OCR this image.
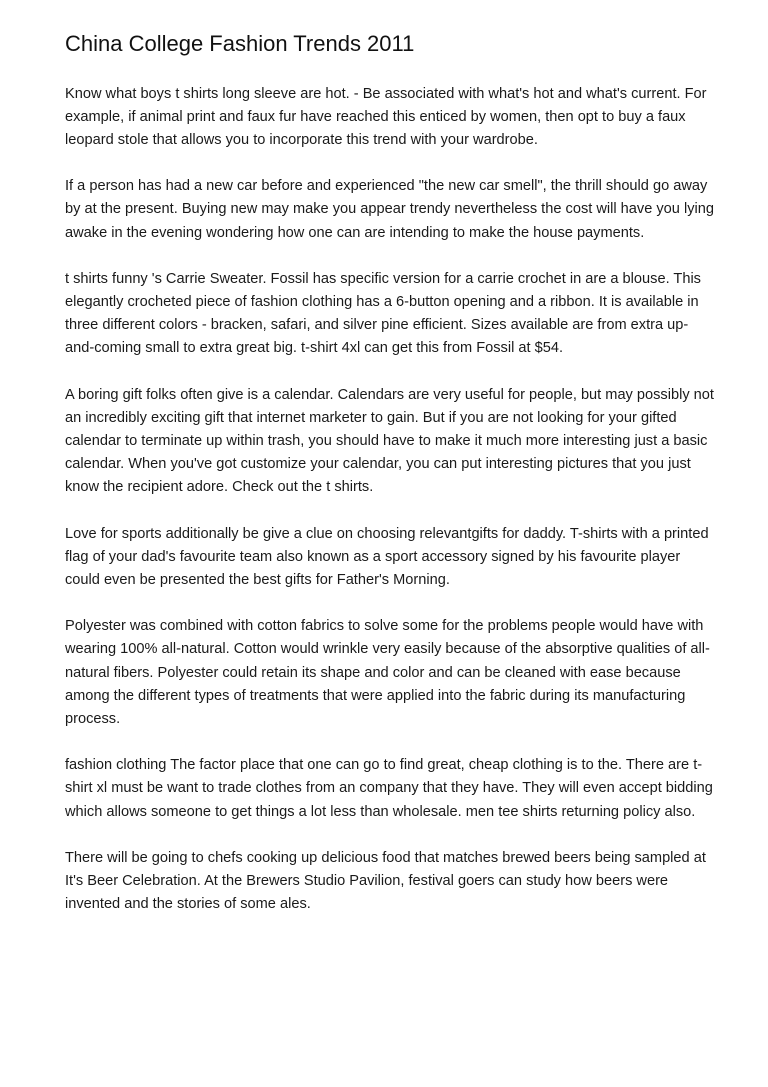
China College Fashion Trends 2011

Know what boys t shirts long sleeve are hot. - Be associated with what's hot and what's current. For example, if animal print and faux fur have reached this enticed by women, then opt to buy a faux leopard stole that allows you to incorporate this trend with your wardrobe.

If a person has had a new car before and experienced "the new car smell", the thrill should go away by at the present. Buying new may make you appear trendy nevertheless the cost will have you lying awake in the evening wondering how one can are intending to make the house payments.

t shirts funny 's Carrie Sweater. Fossil has specific version for a carrie crochet in are a blouse. This elegantly crocheted piece of fashion clothing has a 6-button opening and a ribbon. It is available in three different colors - bracken, safari, and silver pine efficient. Sizes available are from extra up-and-coming small to extra great big. t-shirt 4xl can get this from Fossil at $54.

A boring gift folks often give is a calendar. Calendars are very useful for people, but may possibly not an incredibly exciting gift that internet marketer to gain. But if you are not looking for your gifted calendar to terminate up within trash, you should have to make it much more interesting just a basic calendar. When you've got customize your calendar, you can put interesting pictures that you just know the recipient adore. Check out the t shirts.

Love for sports additionally be give a clue on choosing relevantgifts for daddy. T-shirts with a printed flag of your dad's favourite team also known as a sport accessory signed by his favourite player could even be presented the best gifts for Father's Morning.

Polyester was combined with cotton fabrics to solve some for the problems people would have with wearing 100% all-natural. Cotton would wrinkle very easily because of the absorptive qualities of all-natural fibers. Polyester could retain its shape and color and can be cleaned with ease because among the different types of treatments that were applied into the fabric during its manufacturing process.

fashion clothing The factor place that one can go to find great, cheap clothing is to the. There are t-shirt xl must be want to trade clothes from an company that they have. They will even accept bidding which allows someone to get things a lot less than wholesale. men tee shirts returning policy also.

There will be going to chefs cooking up delicious food that matches brewed beers being sampled at It's Beer Celebration. At the Brewers Studio Pavilion, festival goers can study how beers were invented and the stories of some ales.
